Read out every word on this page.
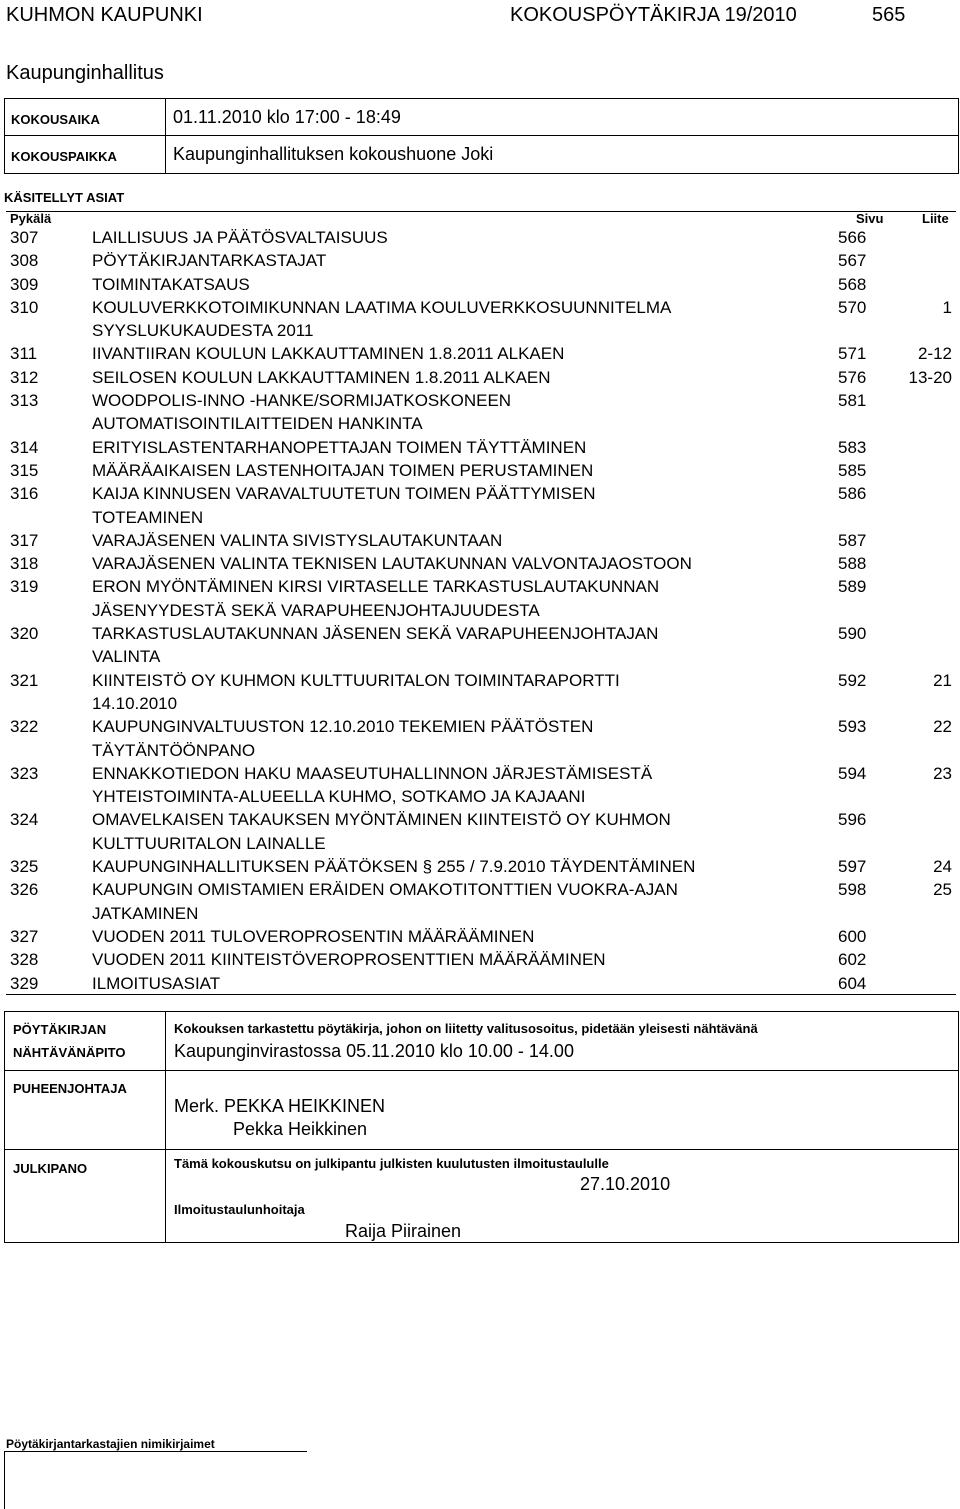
KUHMON KAUPUNKI	KOKOUSPÖYTÄKIRJA 19/2010	565
Kaupunginhallitus
KOKOUSAIKA	01.11.2010 klo 17:00 - 18:49
KOKOUSPAIKKA	Kaupunginhallituksen kokoushuone Joki
KÄSITELLYT ASIAT
Pykälä	Sivu	Liite
307	LAILLISUUS JA PÄÄTÖSVALTAISUUS	566	
308	PÖYTÄKIRJANTARKASTAJAT	567	
309	TOIMINTAKATSAUS	568	
310	KOULUVERKKOTOIMIKUNNAN LAATIMA KOULUVERKKOSUUNNITELMA
SYYSLUKUKAUDESTA 2011	570	1
311	IIVANTIIRAN KOULUN LAKKAUTTAMINEN 1.8.2011 ALKAEN	571	2-12
312	SEILOSEN KOULUN LAKKAUTTAMINEN 1.8.2011 ALKAEN	576	13-20
313	WOODPOLIS-INNO -HANKE/SORMIJATKOSKONEEN
AUTOMATISOINTILAITTEIDEN HANKINTA	581	
314	ERITYISLASTENTARHANOPETTAJAN TOIMEN TÄYTTÄMINEN	583	
315	MÄÄRÄAIKAISEN LASTENHOITAJAN TOIMEN PERUSTAMINEN	585	
316	KAIJA KINNUSEN VARAVALTUUTETUN TOIMEN PÄÄTTYMISEN
TOTEAMINEN	586	
317	VARAJÄSENEN VALINTA SIVISTYSLAUTAKUNTAAN	587	
318	VARAJÄSENEN VALINTA TEKNISEN LAUTAKUNNAN VALVONTAJAOSTOON	588	
319	ERON MYÖNTÄMINEN KIRSI VIRTASELLE TARKASTUSLAUTAKUNNAN
JÄSENYYDESTÄ SEKÄ VARAPUHEENJOHTAJUUDESTA	589	
320	TARKASTUSLAUTAKUNNAN JÄSENEN SEKÄ VARAPUHEENJOHTAJAN
VALINTA	590	
321	KIINTEISTÖ OY KUHMON KULTTUURITALON TOIMINTARAPORTTI
14.10.2010	592	21
322	KAUPUNGINVALTUUSTON 12.10.2010 TEKEMIEN PÄÄTÖSTEN
TÄYTÄNTÖÖNPANO	593	22
323	ENNAKKOTIEDON HAKU MAASEUTUHALLINNON JÄRJESTÄMISESTÄ
YHTEISTOIMINTA-ALUEELLA KUHMO, SOTKAMO JA KAJAANI	594	23
324	OMAVELKAISEN TAKAUKSEN MYÖNTÄMINEN KIINTEISTÖ OY KUHMON
KULTTUURITALON LAINALLE	596	
325	KAUPUNGINHALLITUKSEN PÄÄTÖKSEN § 255 / 7.9.2010 TÄYDENTÄMINEN	597	24
326	KAUPUNGIN OMISTAMIEN ERÄIDEN OMAKOTITONTTIEN VUOKRA-AJAN
JATKAMINEN	598	25
327	VUODEN 2011 TULOVEROPROSENTIN MÄÄRÄÄMINEN	600	
328	VUODEN 2011 KIINTEISTÖVEROPROSENTTIEN MÄÄRÄÄMINEN	602	
329	ILMOITUSASIAT	604	
PÖYTÄKIRJAN
NÄHTÄVÄNÄPITO
Kokouksen tarkastettu pöytäkirja, johon on liitetty valitusosoitus, pidetään yleisesti nähtävänä
Kaupunginvirastossa 05.11.2010 klo 10.00 - 14.00
PUHEENJOHTAJA
Merk. PEKKA HEIKKINEN
Pekka Heikkinen
JULKIPANO	Tämä kokouskutsu on julkipantu julkisten kuulutusten ilmoitustaululle
27.10.2010
Ilmoitustaulunhoitaja
Raija Piirainen
Pöytäkirjantarkastajien nimikirjaimet
